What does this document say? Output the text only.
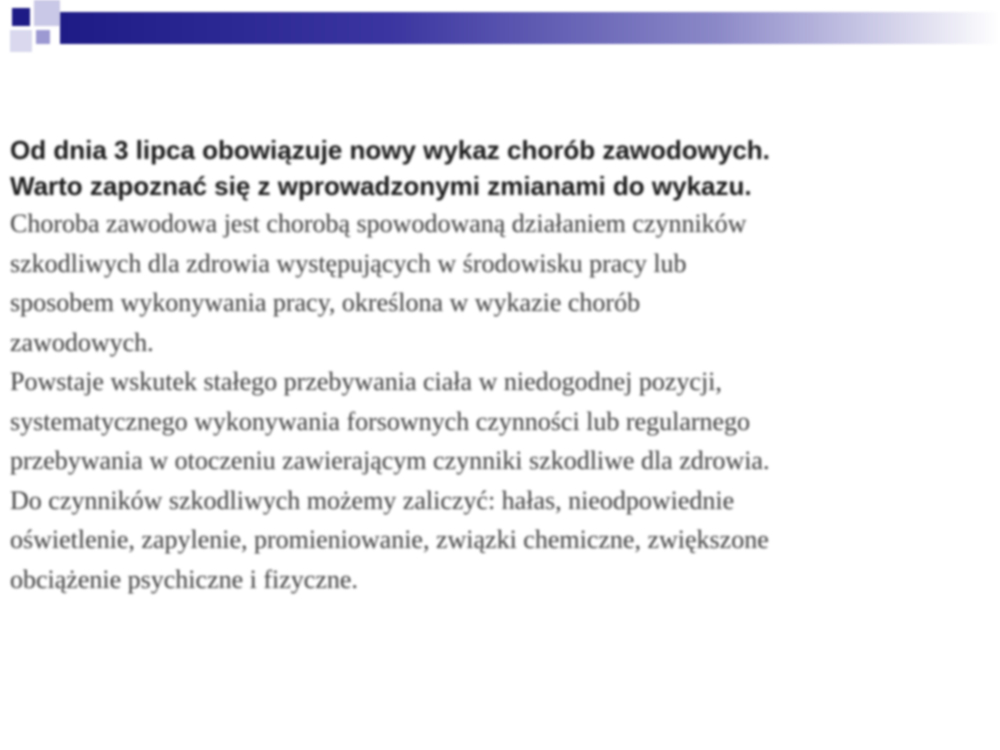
Od dnia 3 lipca obowiązuje nowy wykaz chorób zawodowych.

Warto zapoznać się z wprowadzonymi zmianami do wykazu.

Choroba zawodowa jest chorobą spowodowaną działaniem czynników

szkodliwych dla zdrowia występujących w środowisku pracy lub

sposobem wykonywania pracy, określona w wykazie chorób

zawodowych.

Powstaje wskutek stałego przebywania ciała w niedogodnej pozycji,

systematycznego wykonywania forsownych czynności lub regularnego

przebywania w otoczeniu zawierającym czynniki szkodliwe dla zdrowia.

Do czynników szkodliwych możemy zaliczyć: hałas, nieodpowiednie

oświetlenie, zapylenie, promieniowanie, związki chemiczne, zwiększone

obciążenie psychiczne i fizyczne.
